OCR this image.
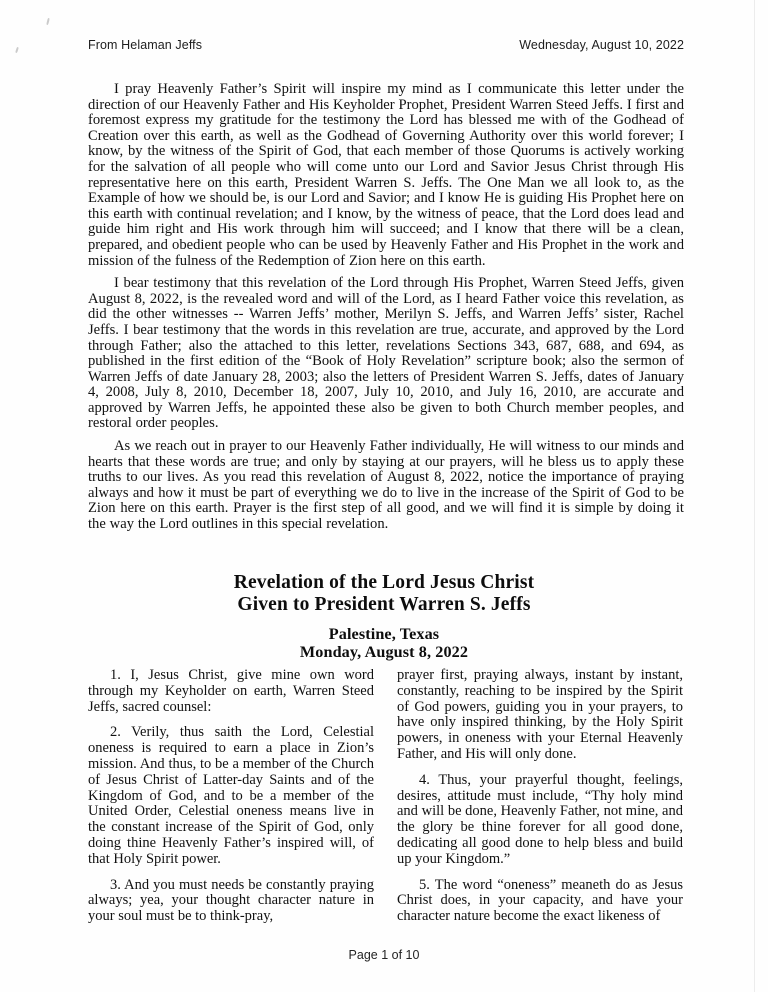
From Helaman Jeffs	Wednesday, August 10, 2022

I pray Heavenly Father’s Spirit will inspire my mind as I communicate this letter under the direction of our Heavenly Father and His Keyholder Prophet, President Warren Steed Jeffs. I first and foremost express my gratitude for the testimony the Lord has blessed me with of the Godhead of Creation over this earth, as well as the Godhead of Governing Authority over this world forever; I know, by the witness of the Spirit of God, that each member of those Quorums is actively working for the salvation of all people who will come unto our Lord and Savior Jesus Christ through His representative here on this earth, President Warren S. Jeffs. The One Man we all look to, as the Example of how we should be, is our Lord and Savior; and I know He is guiding His Prophet here on this earth with continual revelation; and I know, by the witness of peace, that the Lord does lead and guide him right and His work through him will succeed; and I know that there will be a clean, prepared, and obedient people who can be used by Heavenly Father and His Prophet in the work and mission of the fulness of the Redemption of Zion here on this earth.

I bear testimony that this revelation of the Lord through His Prophet, Warren Steed Jeffs, given August 8, 2022, is the revealed word and will of the Lord, as I heard Father voice this revelation, as did the other witnesses -- Warren Jeffs’ mother, Merilyn S. Jeffs, and Warren Jeffs’ sister, Rachel Jeffs. I bear testimony that the words in this revelation are true, accurate, and approved by the Lord through Father; also the attached to this letter, revelations Sections 343, 687, 688, and 694, as published in the first edition of the “Book of Holy Revelation” scripture book; also the sermon of Warren Jeffs of date January 28, 2003; also the letters of President Warren S. Jeffs, dates of January 4, 2008, July 8, 2010, December 18, 2007, July 10, 2010, and July 16, 2010, are accurate and approved by Warren Jeffs, he appointed these also be given to both Church member peoples, and restoral order peoples.

As we reach out in prayer to our Heavenly Father individually, He will witness to our minds and hearts that these words are true; and only by staying at our prayers, will he bless us to apply these truths to our lives. As you read this revelation of August 8, 2022, notice the importance of praying always and how it must be part of everything we do to live in the increase of the Spirit of God to be Zion here on this earth. Prayer is the first step of all good, and we will find it is simple by doing it the way the Lord outlines in this special revelation.

Revelation of the Lord Jesus Christ
Given to President Warren S. Jeffs
Palestine, Texas
Monday, August 8, 2022

1. I, Jesus Christ, give mine own word through my Keyholder on earth, Warren Steed Jeffs, sacred counsel:

2. Verily, thus saith the Lord, Celestial oneness is required to earn a place in Zion’s mission. And thus, to be a member of the Church of Jesus Christ of Latter-day Saints and of the Kingdom of God, and to be a member of the United Order, Celestial oneness means live in the constant increase of the Spirit of God, only doing thine Heavenly Father’s inspired will, of that Holy Spirit power.

3. And you must needs be constantly praying always; yea, your thought character nature in your soul must be to think-pray,

prayer first, praying always, instant by instant, constantly, reaching to be inspired by the Spirit of God powers, guiding you in your prayers, to have only inspired thinking, by the Holy Spirit powers, in oneness with your Eternal Heavenly Father, and His will only done.

4. Thus, your prayerful thought, feelings, desires, attitude must include, “Thy holy mind and will be done, Heavenly Father, not mine, and the glory be thine forever for all good done, dedicating all good done to help bless and build up your Kingdom.”

5. The word “oneness” meaneth do as Jesus Christ does, in your capacity, and have your character nature become the exact likeness of

Page 1 of 10
